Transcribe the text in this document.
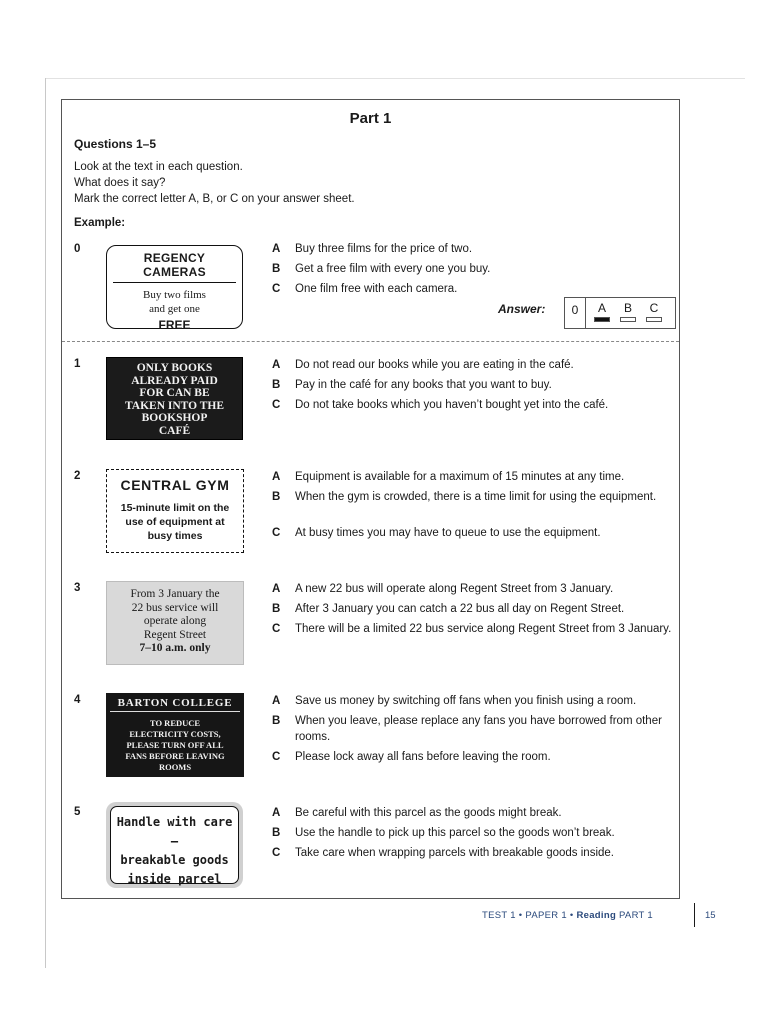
Part 1
Questions 1–5
Look at the text in each question.
What does it say?
Mark the correct letter A, B, or C on your answer sheet.
Example:
0
REGENCY CAMERAS
Buy two films
and get one
FREE
A Buy three films for the price of two.
B Get a free film with every one you buy.
C One film free with each camera.
Answer:	0	A	B	C
1	ONLY BOOKS
ALREADY PAID
FOR CAN BE
TAKEN INTO THE
BOOKSHOP
CAFÉ
A Do not read our books while you are eating in the café.
B Pay in the café for any books that you want to buy.
C Do not take books which you haven’t bought yet into the café.
2
CENTRAL GYM
15-minute limit on the
use of equipment at
busy times
A Equipment is available for a maximum of 15 minutes at any time.
B When the gym is crowded, there is a time limit for using the equipment.
C At busy times you may have to queue to use the equipment.
3	From 3 January the
22 bus service will
operate along
Regent Street
7–10 a.m. only
A A new 22 bus will operate along Regent Street from 3 January.
B After 3 January you can catch a 22 bus all day on Regent Street.
C There will be a limited 22 bus service along Regent Street from 3 January.
4	BARTON COLLEGE
TO REDUCE
ELECTRICITY COSTS,
PLEASE TURN OFF ALL
FANS BEFORE LEAVING
ROOMS
A Save us money by switching off fans when you finish using a room.
B When you leave, please replace any fans you have borrowed from other rooms.
C Please lock away all fans before leaving the room.
5
Handle with care –
breakable goods
inside parcel
A Be careful with this parcel as the goods might break.
B Use the handle to pick up this parcel so the goods won’t break.
C Take care when wrapping parcels with breakable goods inside.
TEST 1 • PAPER 1 • Reading PART 1	15
